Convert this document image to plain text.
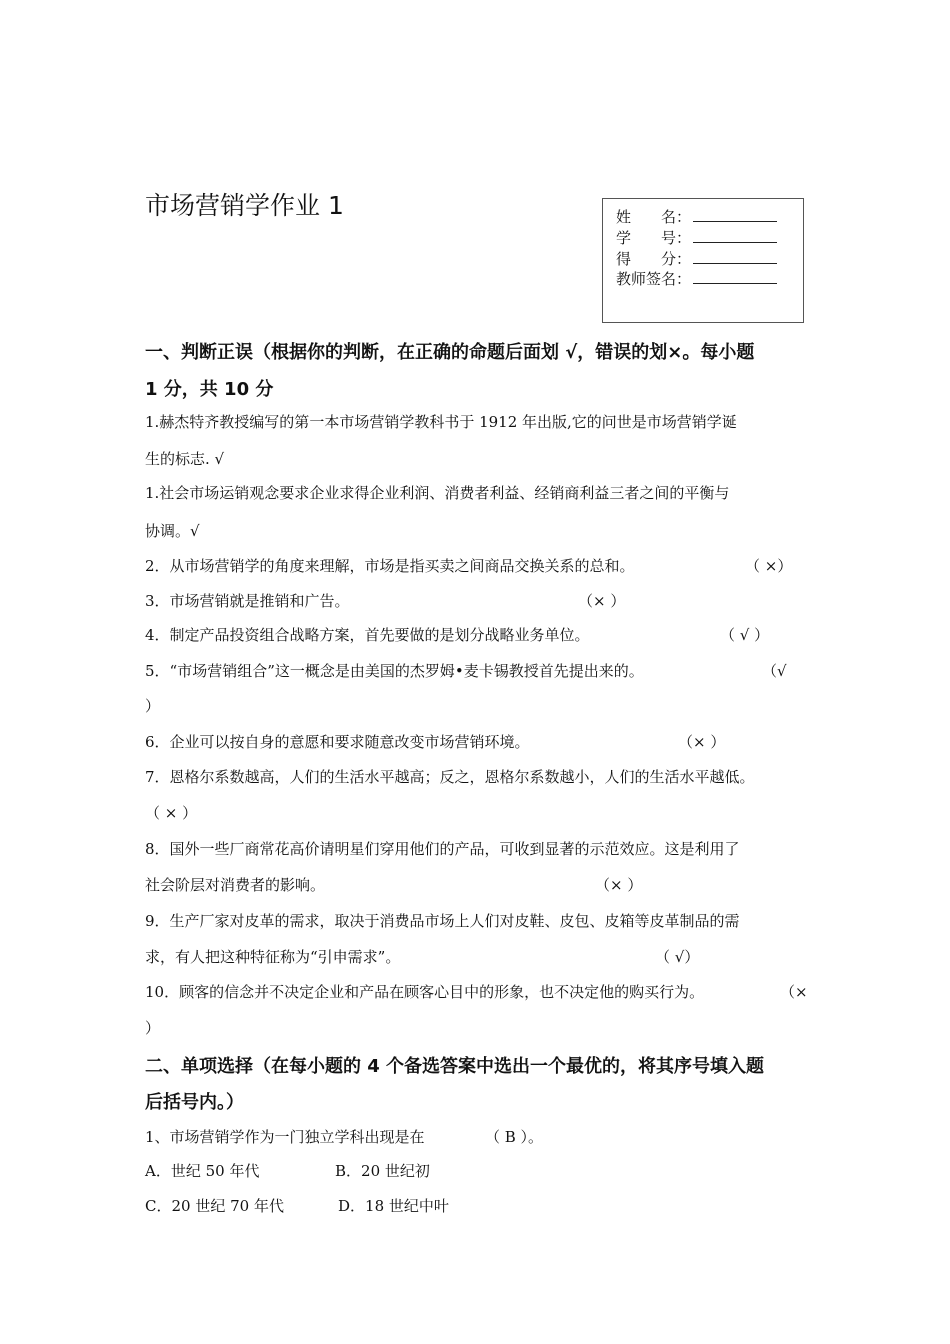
市场营销学作业 1	姓　　名：
学　　号：
得　　分：
教师签名：
一、判断正误（根据你的判断，在正确的命题后面划 √，错误的划×。每小题
1 分，共 10 分
1.赫杰特齐教授编写的第一本市场营销学教科书于 1912 年出版,它的问世是市场营销学诞
生的标志. √
1.社会市场运销观念要求企业求得企业利润、消费者利益、经销商利益三者之间的平衡与
协调。√
2．从市场营销学的角度来理解，市场是指买卖之间商品交换关系的总和。	（ ×）
3．市场营销就是推销和广告。	（× ）
4．制定产品投资组合战略方案，首先要做的是划分战略业务单位。	（ √ ）
5．“市场营销组合”这一概念是由美国的杰罗姆•麦卡锡教授首先提出来的。	（√
）
6．企业可以按自身的意愿和要求随意改变市场营销环境。	（× ）
7．恩格尔系数越高，人们的生活水平越高；反之，恩格尔系数越小，人们的生活水平越低。
（ × ）
8．国外一些厂商常花高价请明星们穿用他们的产品，可收到显著的示范效应。这是利用了
社会阶层对消费者的影响。	（× ）
9．生产厂家对皮革的需求，取决于消费品市场上人们对皮鞋、皮包、皮箱等皮革制品的需
求，有人把这种特征称为“引申需求”。	（ √）
10．顾客的信念并不决定企业和产品在顾客心目中的形象，也不决定他的购买行为。	（×
）
二、单项选择（在每小题的 4 个备选答案中选出一个最优的，将其序号填入题
后括号内。）
1、市场营销学作为一门独立学科出现是在	（ B ）。
A．世纪 50 年代	B．20 世纪初
C．20 世纪 70 年代	D．18 世纪中叶
